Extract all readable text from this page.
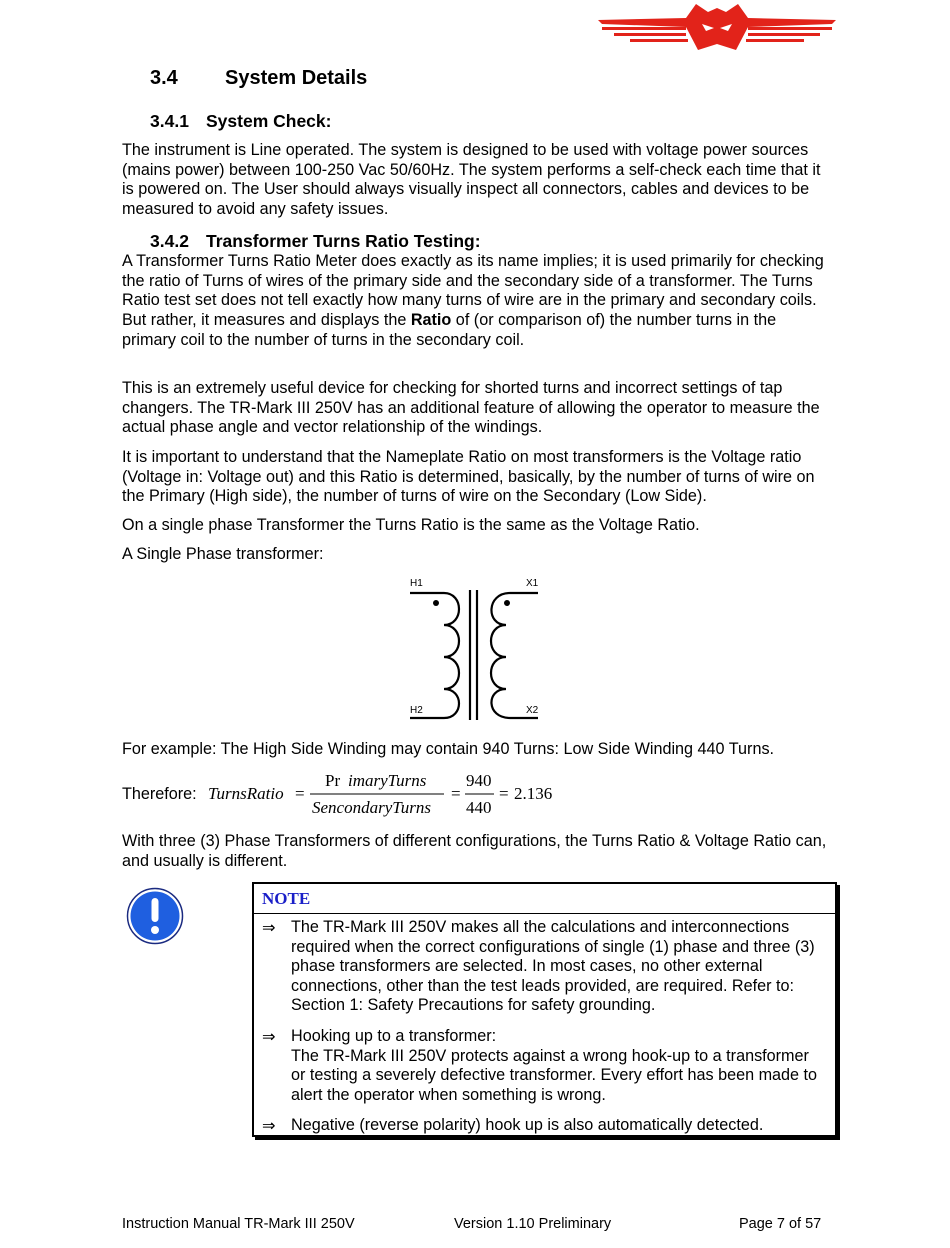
3.4 System Details
3.4.1 System Check:

The instrument is Line operated. The system is designed to be used with voltage power sources (mains power) between 100-250 Vac 50/60Hz. The system performs a self-check each time that it is powered on. The User should always visually inspect all connectors, cables and devices to be measured to avoid any safety issues.

3.4.2 Transformer Turns Ratio Testing:

A Transformer Turns Ratio Meter does exactly as its name implies; it is used primarily for checking the ratio of Turns of wires of the primary side and the secondary side of a transformer. The Turns Ratio test set does not tell exactly how many turns of wire are in the primary and secondary coils. But rather, it measures and displays the Ratio of (or comparison of) the number turns in the primary coil to the number of turns in the secondary coil.

This is an extremely useful device for checking for shorted turns and incorrect settings of tap changers. The TR-Mark III 250V has an additional feature of allowing the operator to measure the actual phase angle and vector relationship of the windings.

It is important to understand that the Nameplate Ratio on most transformers is the Voltage ratio (Voltage in: Voltage out) and this Ratio is determined, basically, by the number of turns of wire on the Primary (High side), the number of turns of wire on the Secondary (Low Side).

On a single phase Transformer the Turns Ratio is the same as the Voltage Ratio.

A Single Phase transformer:

H1	X1
H2	X2

For example: The High Side Winding may contain 940 Turns: Low Side Winding 440 Turns.

Therefore: TurnsRatio =
Pr imaryTurns
SencondaryTurns
=
940
440
= 2.136

With three (3) Phase Transformers of different configurations, the Turns Ratio & Voltage Ratio can, and usually is different.

NOTE
⇒ The TR-Mark III 250V makes all the calculations and interconnections required when the correct configurations of single (1) phase and three (3) phase transformers are selected. In most cases, no other external connections, other than the test leads provided, are required. Refer to: Section 1: Safety Precautions for safety grounding.
⇒ Hooking up to a transformer:
The TR-Mark III 250V protects against a wrong hook-up to a transformer or testing a severely defective transformer. Every effort has been made to alert the operator when something is wrong.
⇒ Negative (reverse polarity) hook up is also automatically detected.
Instruction Manual TR-Mark III 250V	Version 1.10 Preliminary	Page 7 of 57
